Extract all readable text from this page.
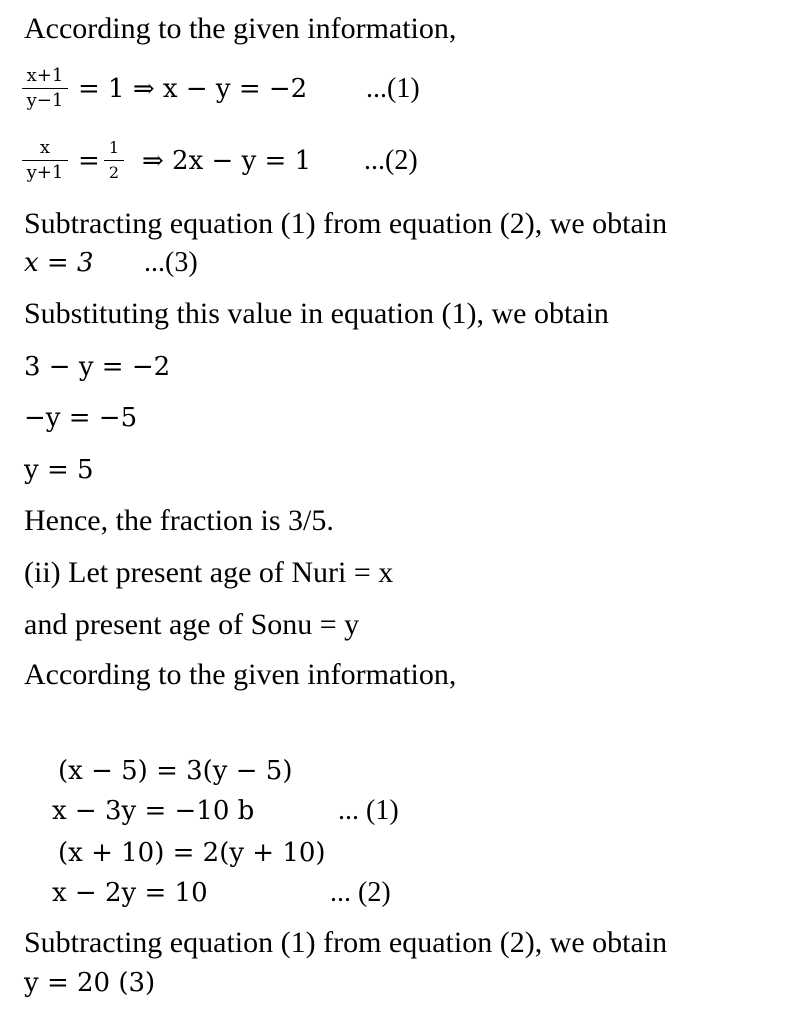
According to the given information,
x+1
y−1 = 1 ⇒ x − y = −2 ...(1)
x
y+1 = 1
2 ⇒ 2x − y = 1 ...(2)
Subtracting equation (1) from equation (2), we obtain
x = 3 ...(3)
Substituting this value in equation (1), we obtain
3 − y = −2
−y = −5
y = 5
Hence, the fraction is 3/5.
(ii) Let present age of Nuri = x
and present age of Sonu = y
According to the given information,
(x − 5) = 3(y − 5)
x − 3y = −10 b	... (1)
(x + 10) = 2(y + 10)
x − 2y = 10	... (2)
Subtracting equation (1) from equation (2), we obtain
y = 20 (3)
